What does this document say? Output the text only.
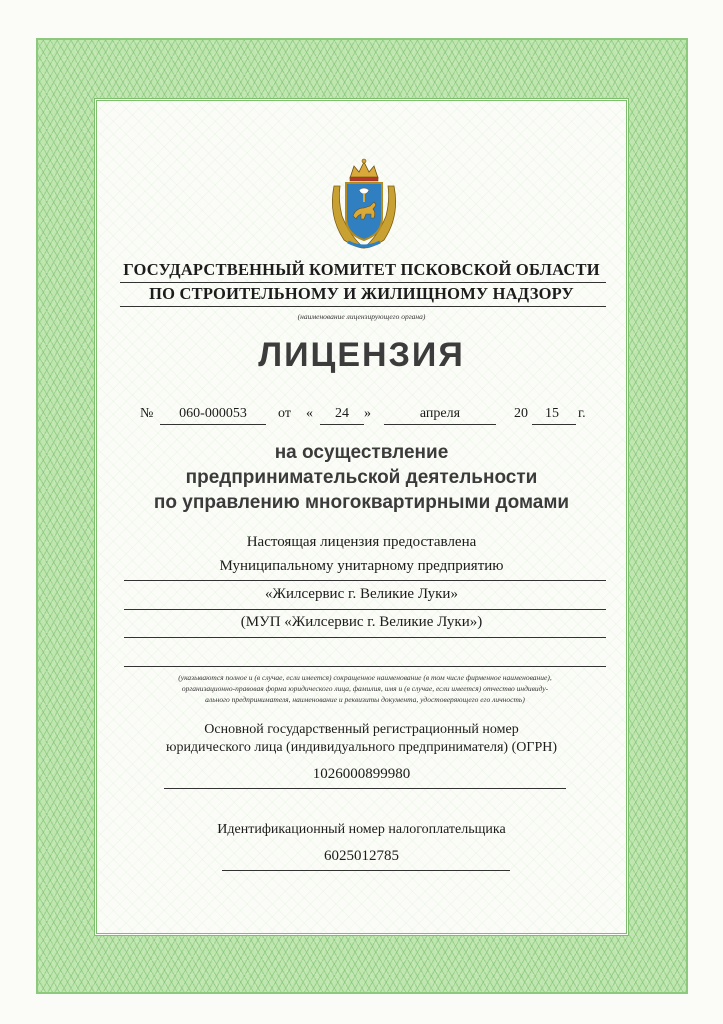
ГОСУДАРСТВЕННЫЙ КОМИТЕТ ПСКОВСКОЙ ОБЛАСТИ
ПО СТРОИТЕЛЬНОМУ И ЖИЛИЩНОМУ НАДЗОРУ
(наименование лицензирующего органа)
ЛИЦЕНЗИЯ
№	060-000053	от «	24	»	апреля	20	15	г.
на осуществление
предпринимательской деятельности
по управлению многоквартирными домами
Настоящая лицензия предоставлена
Муниципальному унитарному предприятию
«Жилсервис г. Великие Луки»
(МУП «Жилсервис г. Великие Луки»)
(указываются полное и (в случае, если имеется) сокращенное наименование (в том числе фирменное наименование),
организационно-правовая форма юридического лица, фамилия, имя и (в случае, если имеется) отчество индивиду-
ального предпринимателя, наименование и реквизиты документа, удостоверяющего его личность)
Основной государственный регистрационный номер
юридического лица (индивидуального предпринимателя) (ОГРН)
1026000899980
Идентификационный номер налогоплательщика
6025012785
